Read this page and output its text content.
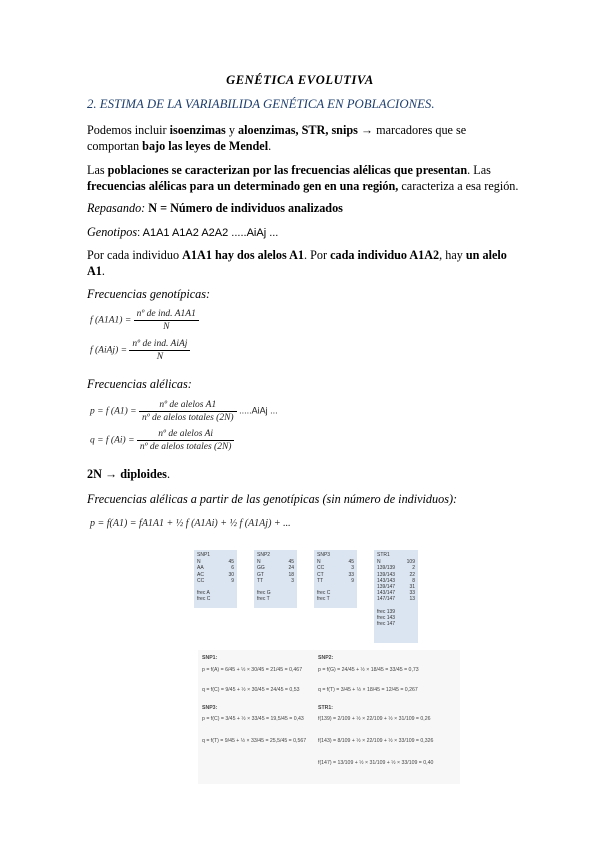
GENÉTICA EVOLUTIVA
2. ESTIMA DE LA VARIABILIDA GENÉTICA EN POBLACIONES.
Podemos incluir isoenzimas y aloenzimas, STR, snips → marcadores que se comportan bajo las leyes de Mendel.
Las poblaciones se caracterizan por las frecuencias alélicas que presentan. Las frecuencias alélicas para un determinado gen en una región, caracteriza a esa región.
Repasando: N = Número de individuos analizados
Genotipos: A1A1 A1A2 A2A2 .....AiAj ...
Por cada individuo A1A1 hay dos alelos A1. Por cada individuo A1A2, hay un alelo A1.
Frecuencias genotípicas:
f $(A1A1) = \frac{\text{nº de ind. A1A1}}{N}$
f (AiAj) = $\frac{\text{nº de ind. AiAj}}{N}$
Frecuencias alélicas:
p = f $(A1) = \frac{\text{nº de alelos A1}}{\text{nº de alelos totales (2N)}}$ .....AiAj ...
q = f $(Ai) = \frac{\text{nº de alelos Ai}}{\text{nº de alelos totales (2N)}}$
2N → diploides.
Frecuencias alélicas a partir de las genotípicas (sin número de individuos):
p = f(A1) = fA1A1 + ½ f (A1Ai) + ½ f (A1Aj) + ...
SNP1
N	45
AA	6
AC	30
CC	9
frec A
frec C
SNP2
N	45
GG	24
GT	18
TT	3
frec G
frec T
SNP3
N	45
CC	3
CT	33
TT	9
frec C
frec T
STR1
N	109
139/139	2
139/143	22
143/143	8
139/147	31
143/147	33
147/147	13
frec 139
frec 143
frec 147
SNP1:
p = f(A) = 6/45 + ½ × 30/45 = 21/45 = 0,467
q = f(C) = 9/45 + ½ × 30/45 = 24/45 = 0,53
SNP2:
p = f(G) = 24/45 + ½ × 18/45 = 33/45 = 0,73
q = f(T) = 3/45 + ½ × 18/45 = 12/45 = 0,267
SNP3:
p = f(C) = 3/45 + ½ × 33/45 = 19,5/45 = 0,43
q = f(T) = 9/45 + ½ × 33/45 = 25,5/45 = 0,567
STR1:
f(139) = 2/109 + ½ × 22/109 + ½ × 31/109 = 0,26
f(143) = 8/109 + ½ × 22/109 + ½ × 33/109 = 0,326
f(147) = 13/109 + ½ × 31/109 + ½ × 33/109 = 0,40
